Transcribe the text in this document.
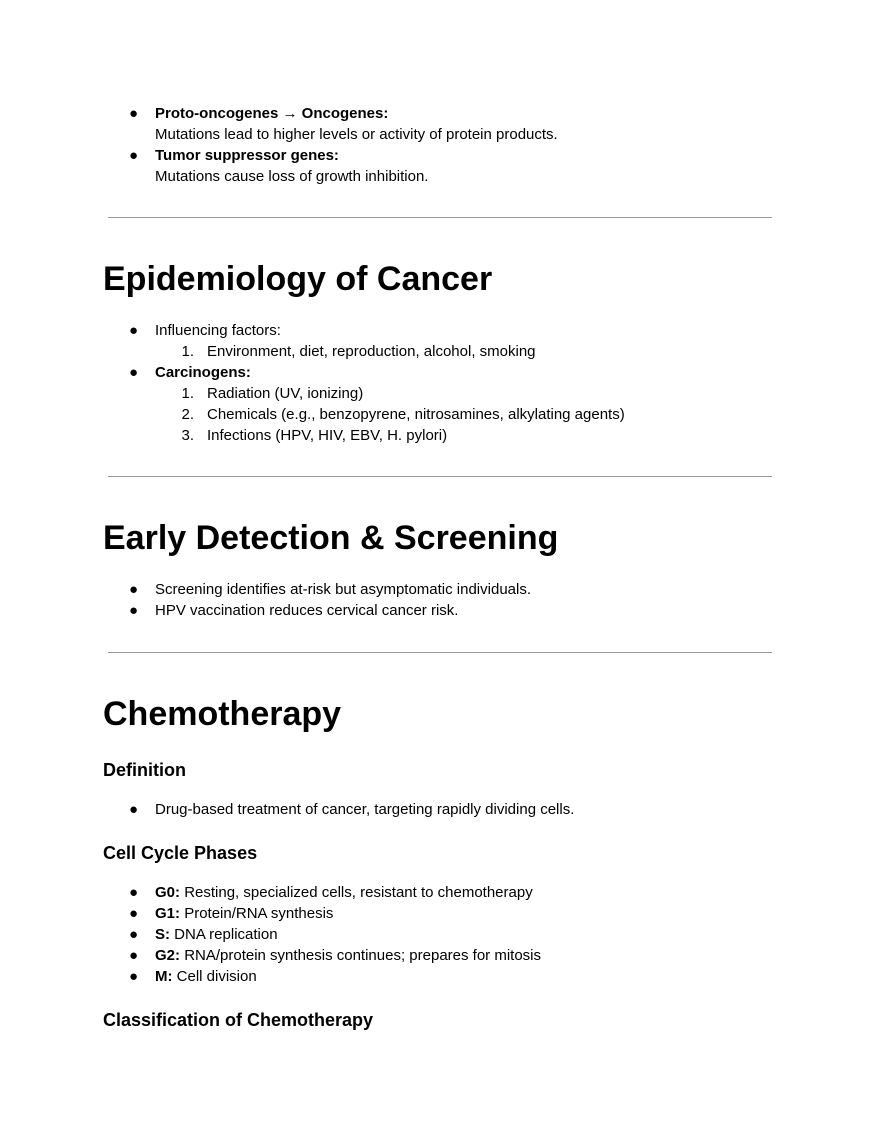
● Proto-oncogenes → Oncogenes:
Mutations lead to higher levels or activity of protein products.
● Tumor suppressor genes:
Mutations cause loss of growth inhibition.
Epidemiology of Cancer
● Influencing factors:
1. Environment, diet, reproduction, alcohol, smoking
● Carcinogens:
1. Radiation (UV, ionizing)
2. Chemicals (e.g., benzopyrene, nitrosamines, alkylating agents)
3. Infections (HPV, HIV, EBV, H. pylori)
Early Detection & Screening
● Screening identifies at-risk but asymptomatic individuals.
● HPV vaccination reduces cervical cancer risk.
Chemotherapy
Definition
● Drug-based treatment of cancer, targeting rapidly dividing cells.
Cell Cycle Phases
● G0: Resting, specialized cells, resistant to chemotherapy
● G1: Protein/RNA synthesis
● S: DNA replication
● G2: RNA/protein synthesis continues; prepares for mitosis
● M: Cell division
Classification of Chemotherapy
